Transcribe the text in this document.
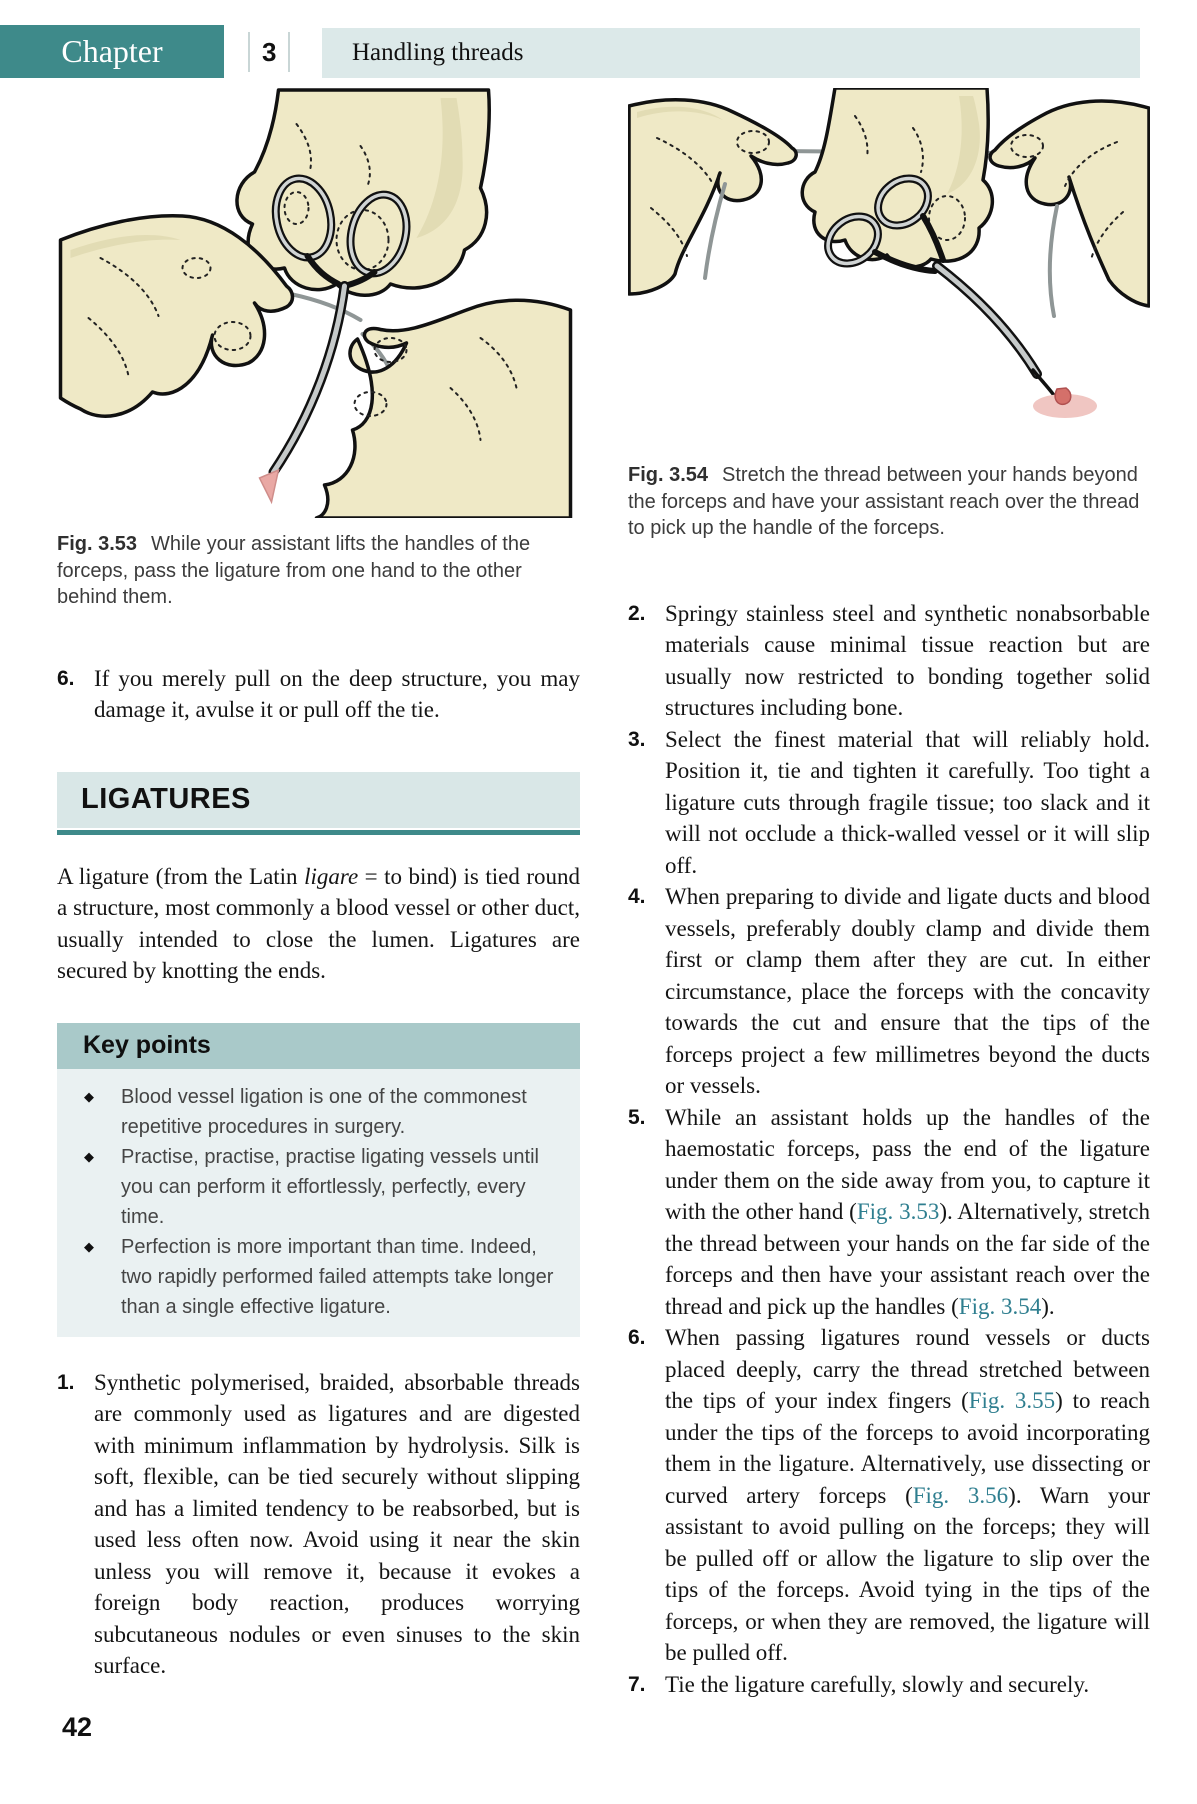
Chapter	3	Handling threads
Fig. 3.53 While your assistant lifts the handles of the forceps, pass the ligature from one hand to the other behind them.
6. If you merely pull on the deep structure, you may damage it, avulse it or pull off the tie.
LIGATURES

A ligature (from the Latin ligare = to bind) is tied round a structure, most commonly a blood vessel or other duct, usually intended to close the lumen. Ligatures are secured by knotting the ends.

Key points
◆ Blood vessel ligation is one of the commonest repetitive procedures in surgery.
◆ Practise, practise, practise ligating vessels until you can perform it effortlessly, perfectly, every time.
◆ Perfection is more important than time. Indeed, two rapidly performed failed attempts take longer than a single effective ligature.
1. Synthetic polymerised, braided, absorbable threads are commonly used as ligatures and are digested with minimum inflammation by hydrolysis. Silk is soft, flexible, can be tied securely without slipping and has a limited tendency to be reabsorbed, but is used less often now. Avoid using it near the skin unless you will remove it, because it evokes a foreign body reaction, produces worrying subcutaneous nodules or even sinuses to the skin surface.
Fig. 3.54 Stretch the thread between your hands beyond the forceps and have your assistant reach over the thread to pick up the handle of the forceps.
2. Springy stainless steel and synthetic nonabsorbable materials cause minimal tissue reaction but are usually now restricted to bonding together solid structures including bone.
3. Select the finest material that will reliably hold. Position it, tie and tighten it carefully. Too tight a ligature cuts through fragile tissue; too slack and it will not occlude a thick-walled vessel or it will slip off.
4. When preparing to divide and ligate ducts and blood vessels, preferably doubly clamp and divide them first or clamp them after they are cut. In either circumstance, place the forceps with the concavity towards the cut and ensure that the tips of the forceps project a few millimetres beyond the ducts or vessels.
5. While an assistant holds up the handles of the haemostatic forceps, pass the end of the ligature under them on the side away from you, to capture it with the other hand (Fig. 3.53). Alternatively, stretch the thread between your hands on the far side of the forceps and then have your assistant reach over the thread and pick up the handles (Fig. 3.54).
6. When passing ligatures round vessels or ducts placed deeply, carry the thread stretched between the tips of your index fingers (Fig. 3.55) to reach under the tips of the forceps to avoid incorporating them in the ligature. Alternatively, use dissecting or curved artery forceps (Fig. 3.56). Warn your assistant to avoid pulling on the forceps; they will be pulled off or allow the ligature to slip over the tips of the forceps. Avoid tying in the tips of the forceps, or when they are removed, the ligature will be pulled off.
7. Tie the ligature carefully, slowly and securely.
42
